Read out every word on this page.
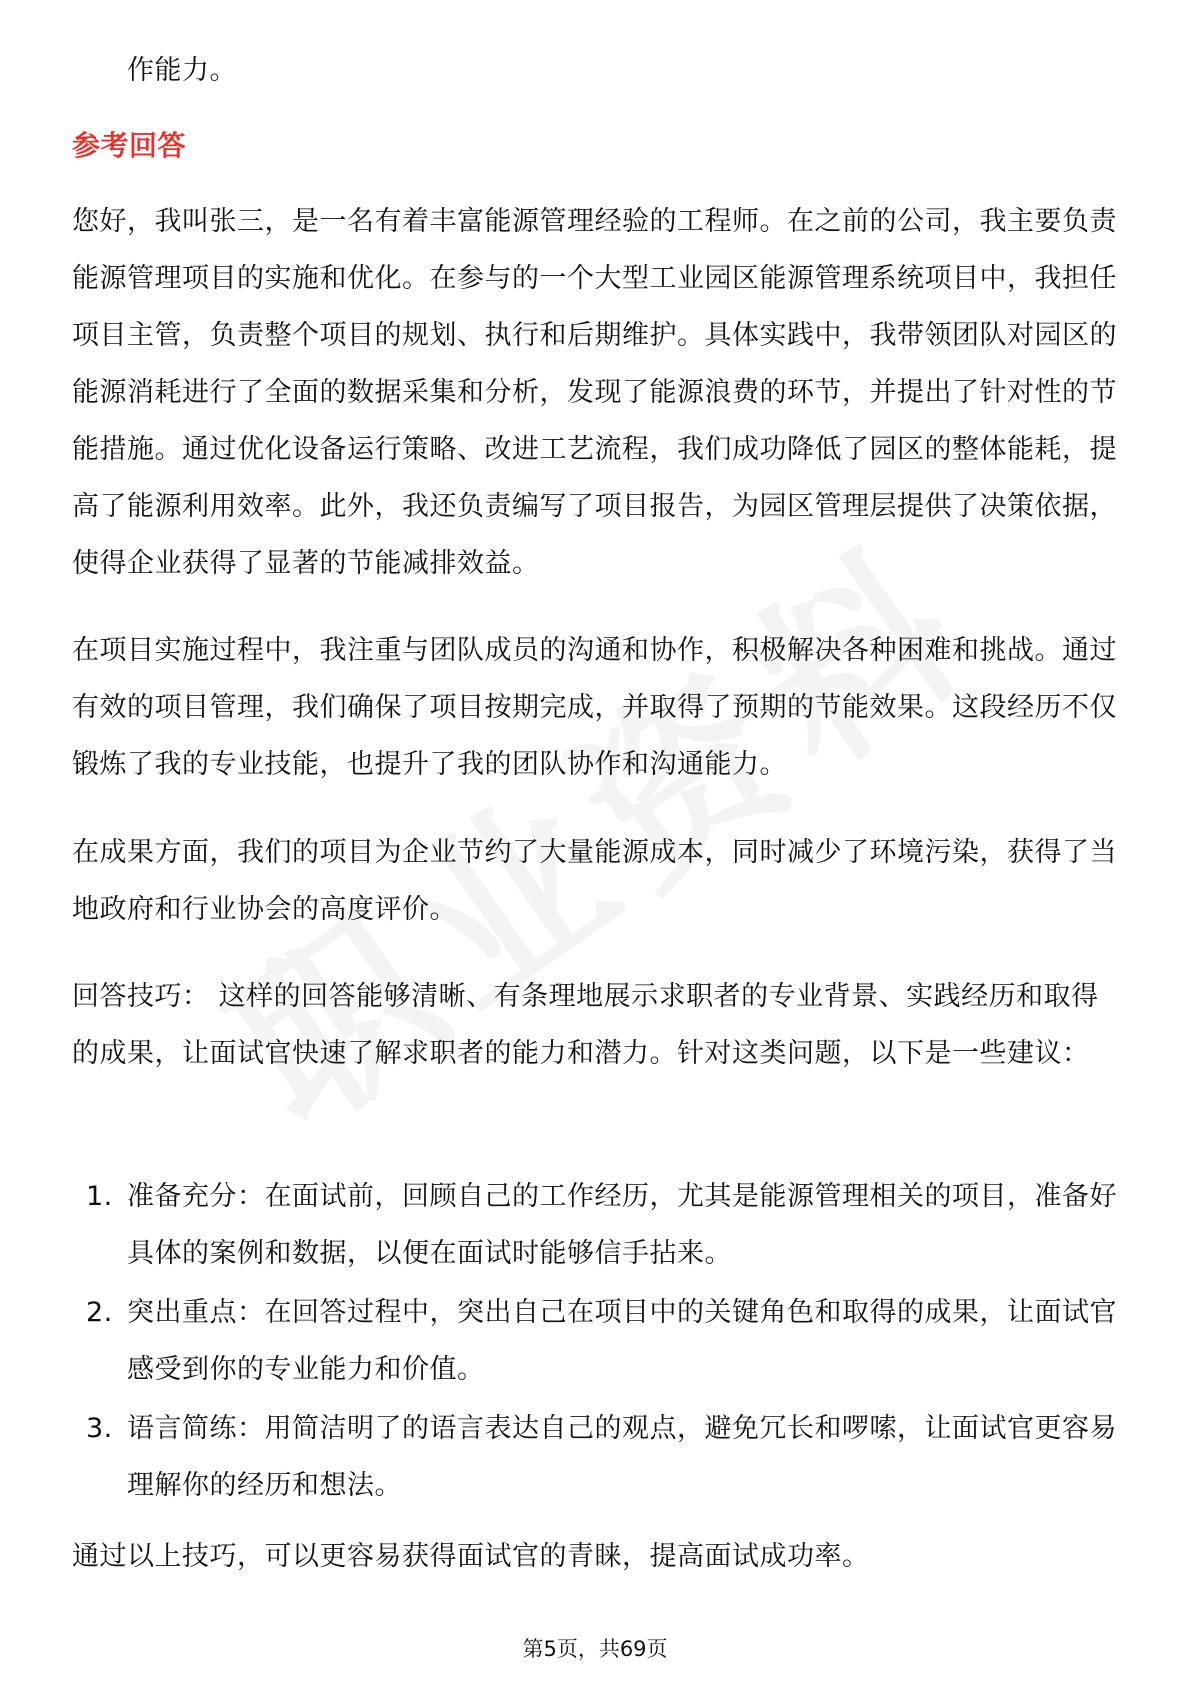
作能力。
参考回答

您好，我叫张三，是一名有着丰富能源管理经验的工程师。在之前的公司，我主要负责能源管理项目的实施和优化。在参与的一个大型工业园区能源管理系统项目中，我担任项目主管，负责整个项目的规划、执行和后期维护。具体实践中，我带领团队对园区的能源消耗进行了全面的数据采集和分析，发现了能源浪费的环节，并提出了针对性的节能措施。通过优化设备运行策略、改进工艺流程，我们成功降低了园区的整体能耗，提高了能源利用效率。此外，我还负责编写了项目报告，为园区管理层提供了决策依据，使得企业获得了显著的节能减排效益。

在项目实施过程中，我注重与团队成员的沟通和协作，积极解决各种困难和挑战。通过有效的项目管理，我们确保了项目按期完成，并取得了预期的节能效果。这段经历不仅锻炼了我的专业技能，也提升了我的团队协作和沟通能力。

在成果方面，我们的项目为企业节约了大量能源成本，同时减少了环境污染，获得了当地政府和行业协会的高度评价。

回答技巧： 这样的回答能够清晰、有条理地展示求职者的专业背景、实践经历和取得的成果，让面试官快速了解求职者的能力和潜力。针对这类问题，以下是一些建议：

1. 准备充分：在面试前，回顾自己的工作经历，尤其是能源管理相关的项目，准备好具体的案例和数据，以便在面试时能够信手拈来。
2. 突出重点：在回答过程中，突出自己在项目中的关键角色和取得的成果，让面试官感受到你的专业能力和价值。
3. 语言简练：用简洁明了的语言表达自己的观点，避免冗长和啰嗦，让面试官更容易理解你的经历和想法。
通过以上技巧，可以更容易获得面试官的青睐，提高面试成功率。
第5页，共69页
